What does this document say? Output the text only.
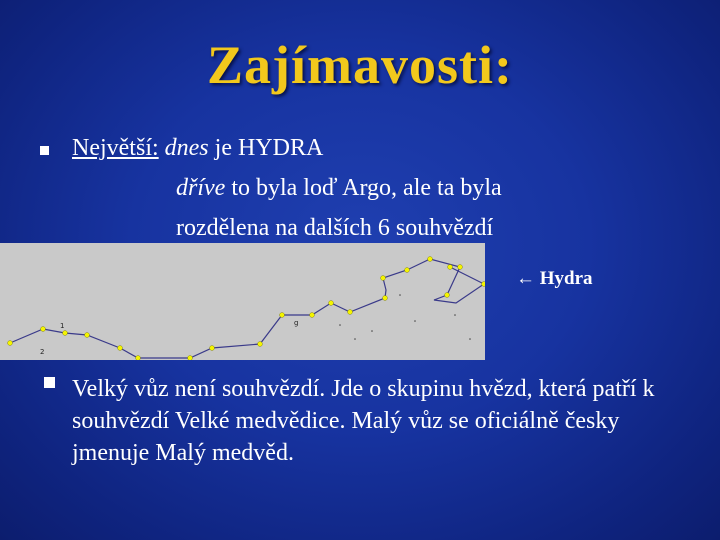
Zajímavosti:
Největší: dnes je HYDRA
dříve to byla loď Argo, ale ta byla
rozdělena na dalších 6 souhvězdí
1
2
g
← Hydra
Velký vůz není souhvězdí. Jde o skupinu hvězd, která patří k souhvězdí Velké medvědice. Malý vůz se oficiálně česky jmenuje Malý medvěd.
